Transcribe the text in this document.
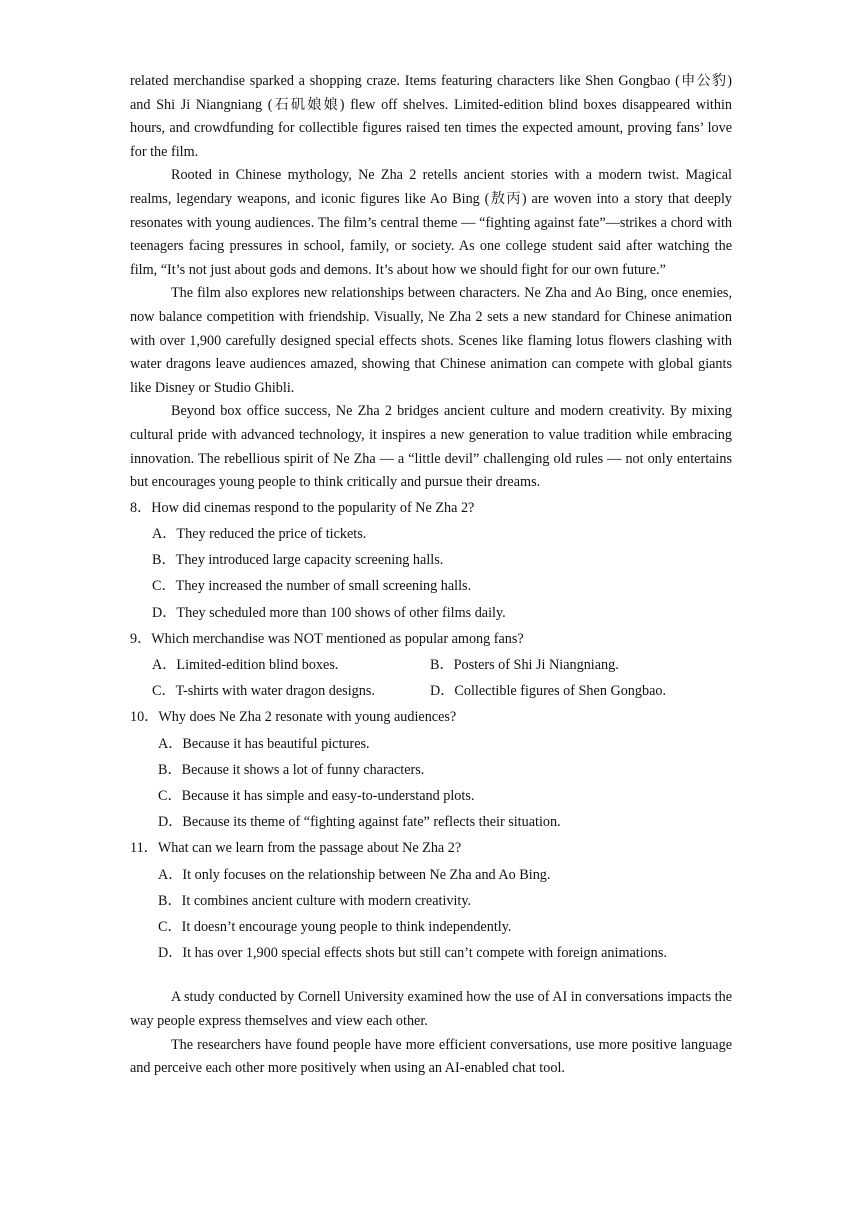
related merchandise sparked a shopping craze. Items featuring characters like Shen Gongbao (申公豹) and Shi Ji Niangniang (石矶娘娘) flew off shelves. Limited-edition blind boxes disappeared within hours, and crowdfunding for collectible figures raised ten times the expected amount, proving fans’ love for the film.

Rooted in Chinese mythology, Ne Zha 2 retells ancient stories with a modern twist. Magical realms, legendary weapons, and iconic figures like Ao Bing (敖丙) are woven into a story that deeply resonates with young audiences. The film’s central theme — “fighting against fate”—strikes a chord with teenagers facing pressures in school, family, or society. As one college student said after watching the film, “It’s not just about gods and demons. It’s about how we should fight for our own future.”

The film also explores new relationships between characters. Ne Zha and Ao Bing, once enemies, now balance competition with friendship. Visually, Ne Zha 2 sets a new standard for Chinese animation with over 1,900 carefully designed special effects shots. Scenes like flaming lotus flowers clashing with water dragons leave audiences amazed, showing that Chinese animation can compete with global giants like Disney or Studio Ghibli.

Beyond box office success, Ne Zha 2 bridges ancient culture and modern creativity. By mixing cultural pride with advanced technology, it inspires a new generation to value tradition while embracing innovation. The rebellious spirit of Ne Zha — a “little devil” challenging old rules — not only entertains but encourages young people to think critically and pursue their dreams.

8．How did cinemas respond to the popularity of Ne Zha 2?
A．They reduced the price of tickets.
B．They introduced large capacity screening halls.
C．They increased the number of small screening halls.
D．They scheduled more than 100 shows of other films daily.
9．Which merchandise was NOT mentioned as popular among fans?
A．Limited-edition blind boxes.	B．Posters of Shi Ji Niangniang.
C．T-shirts with water dragon designs.	D．Collectible figures of Shen Gongbao.
10．Why does Ne Zha 2 resonate with young audiences?
A．Because it has beautiful pictures.
B．Because it shows a lot of funny characters.
C．Because it has simple and easy-to-understand plots.
D．Because its theme of “fighting against fate” reflects their situation.
11．What can we learn from the passage about Ne Zha 2?
A．It only focuses on the relationship between Ne Zha and Ao Bing.
B．It combines ancient culture with modern creativity.
C．It doesn’t encourage young people to think independently.
D．It has over 1,900 special effects shots but still can’t compete with foreign animations.

A study conducted by Cornell University examined how the use of AI in conversations impacts the way people express themselves and view each other.

The researchers have found people have more efficient conversations, use more positive language and perceive each other more positively when using an AI-enabled chat tool.
